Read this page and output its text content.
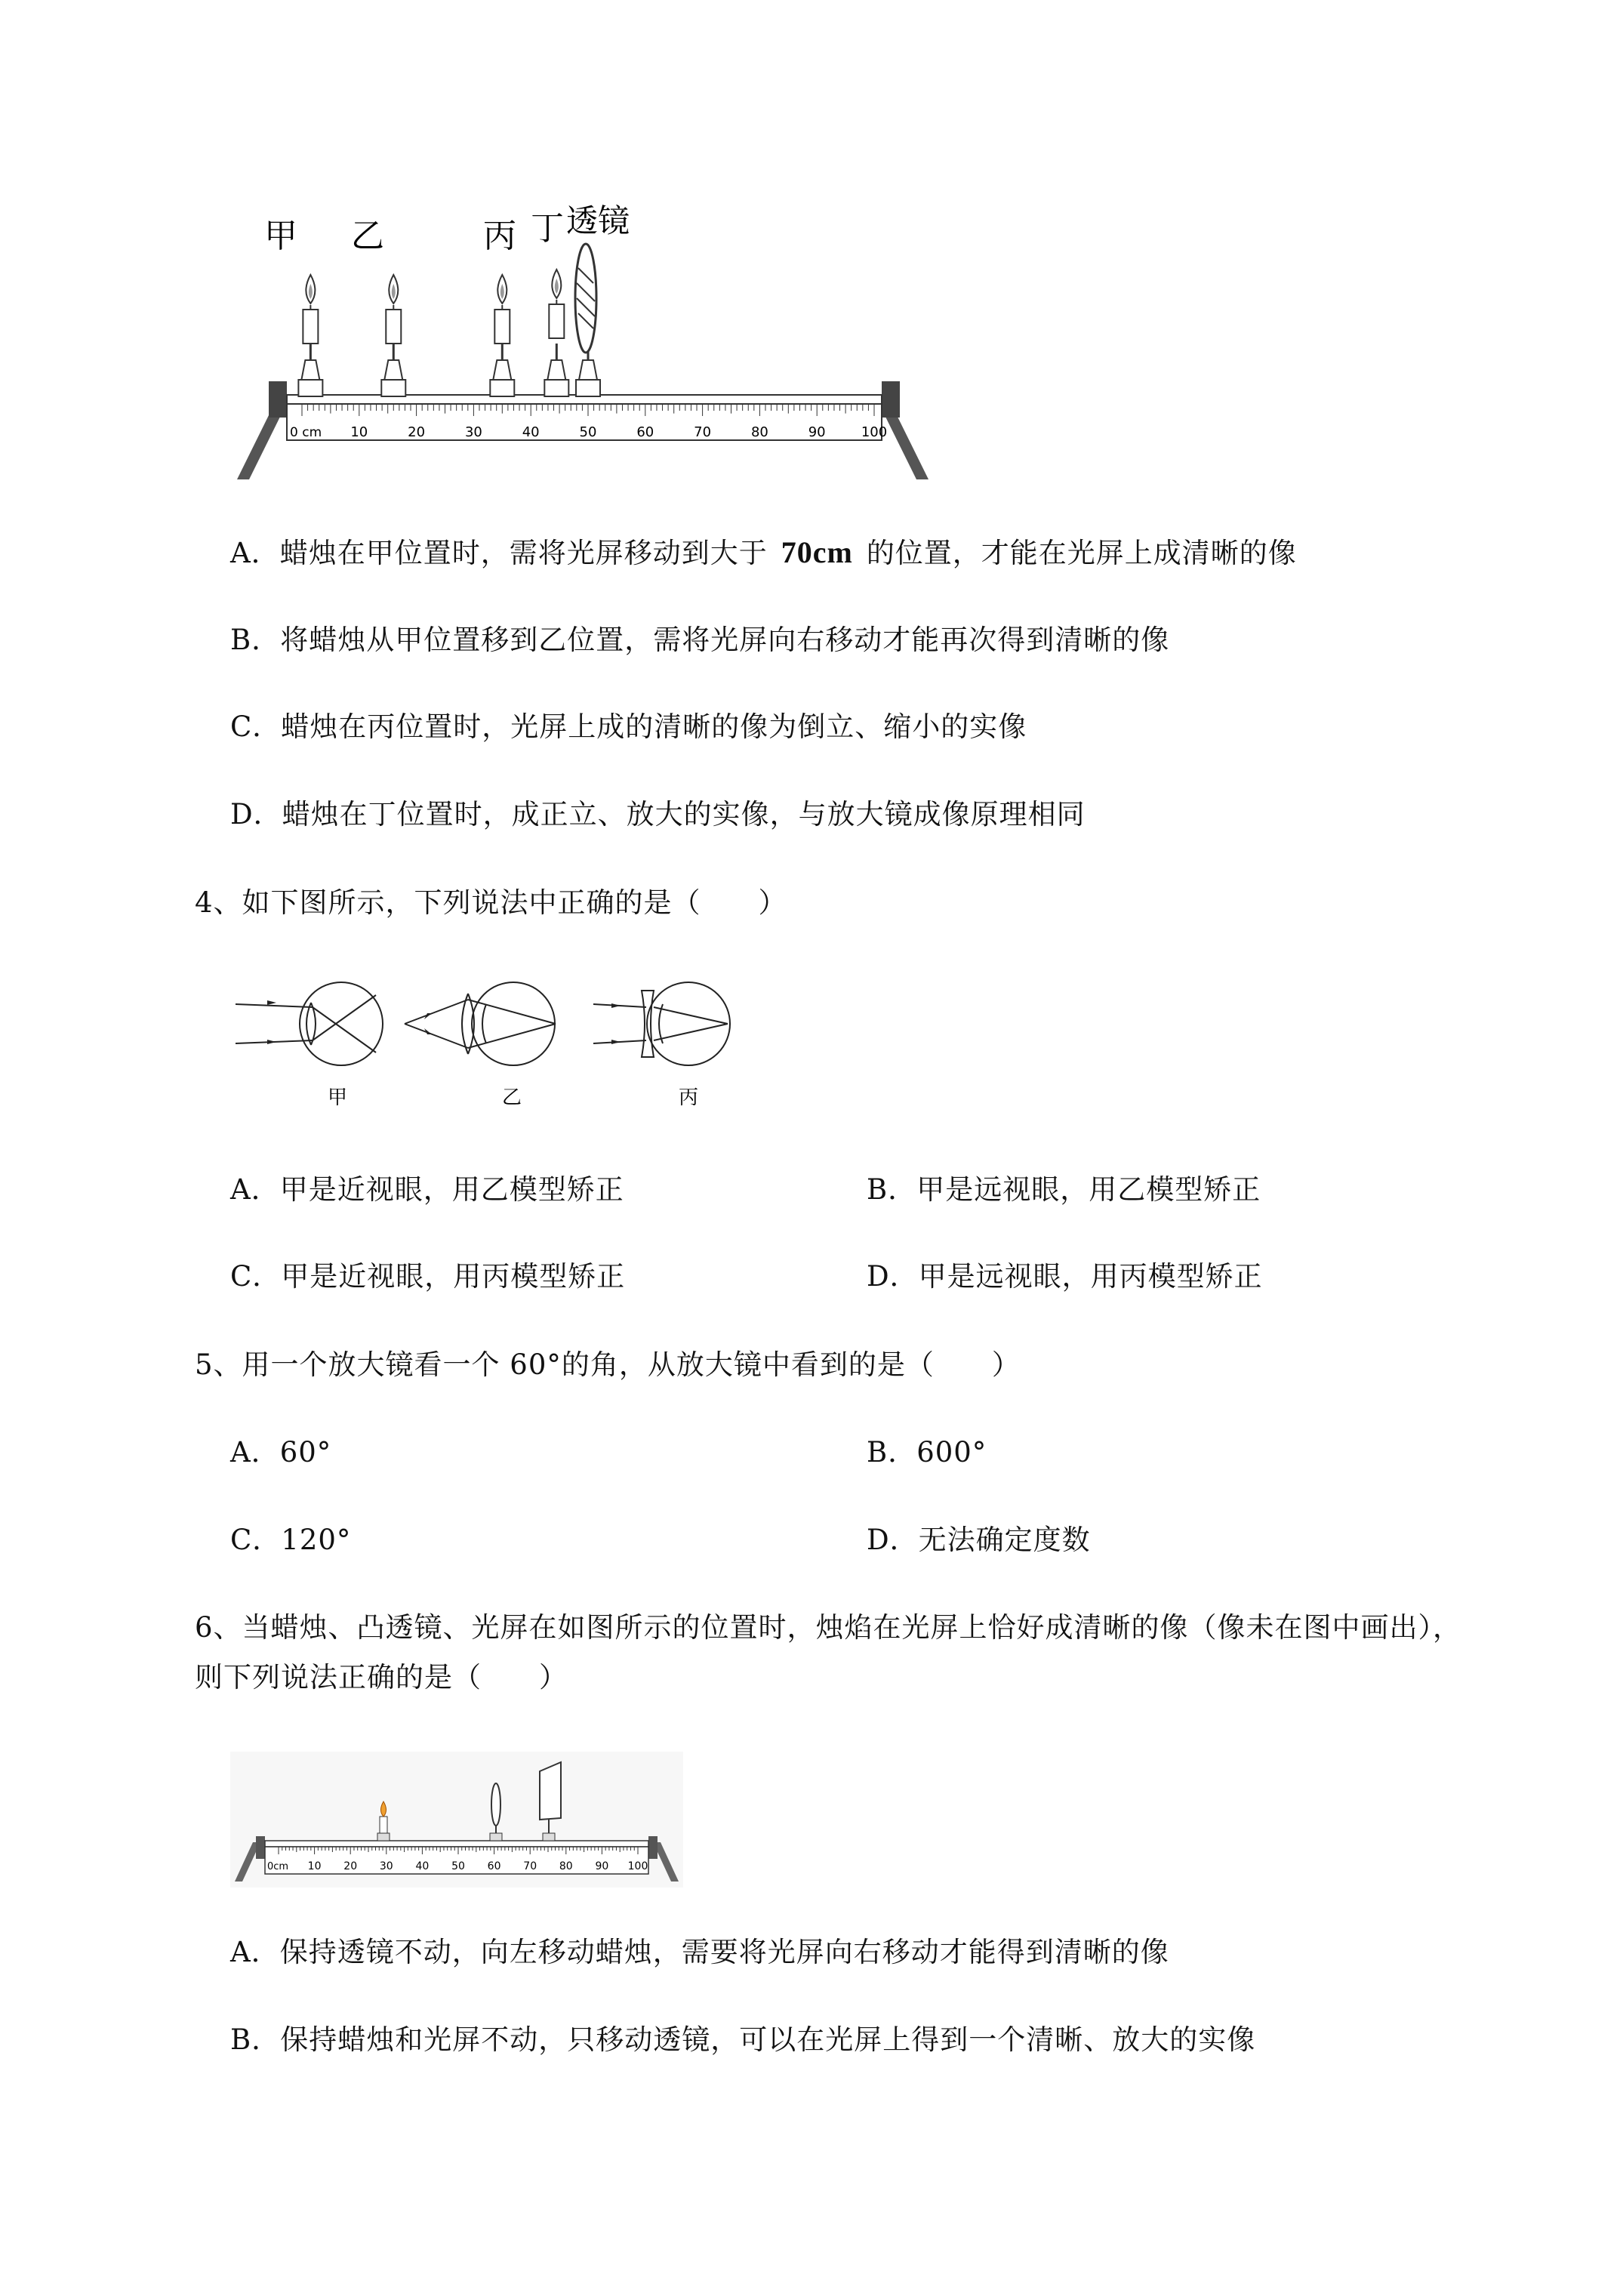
甲 乙	丙 丁 透镜
0 cm 10	20	30	40	50	60	70	80	90	100
A．蜡烛在甲位置时，需将光屏移动到大于 70cm 的位置，才能在光屏上成清晰的像
B．将蜡烛从甲位置移到乙位置，需将光屏向右移动才能再次得到清晰的像
C．蜡烛在丙位置时，光屏上成的清晰的像为倒立、缩小的实像
D．蜡烛在丁位置时，成正立、放大的实像，与放大镜成像原理相同
4、如下图所示，下列说法中正确的是（　　）
甲	乙	丙
A．甲是近视眼，用乙模型矫正	B．甲是远视眼，用乙模型矫正
C．甲是近视眼，用丙模型矫正	D．甲是远视眼，用丙模型矫正
5、用一个放大镜看一个 60°的角，从放大镜中看到的是（　　）
A．60°	B．600°
C．120°	D．无法确定度数
6、当蜡烛、凸透镜、光屏在如图所示的位置时，烛焰在光屏上恰好成清晰的像（像未在图中画出），
则下列说法正确的是（　　）
0cm 10 20 30 40 50 60 70 80 90 100
A．保持透镜不动，向左移动蜡烛，需要将光屏向右移动才能得到清晰的像
B．保持蜡烛和光屏不动，只移动透镜，可以在光屏上得到一个清晰、放大的实像
